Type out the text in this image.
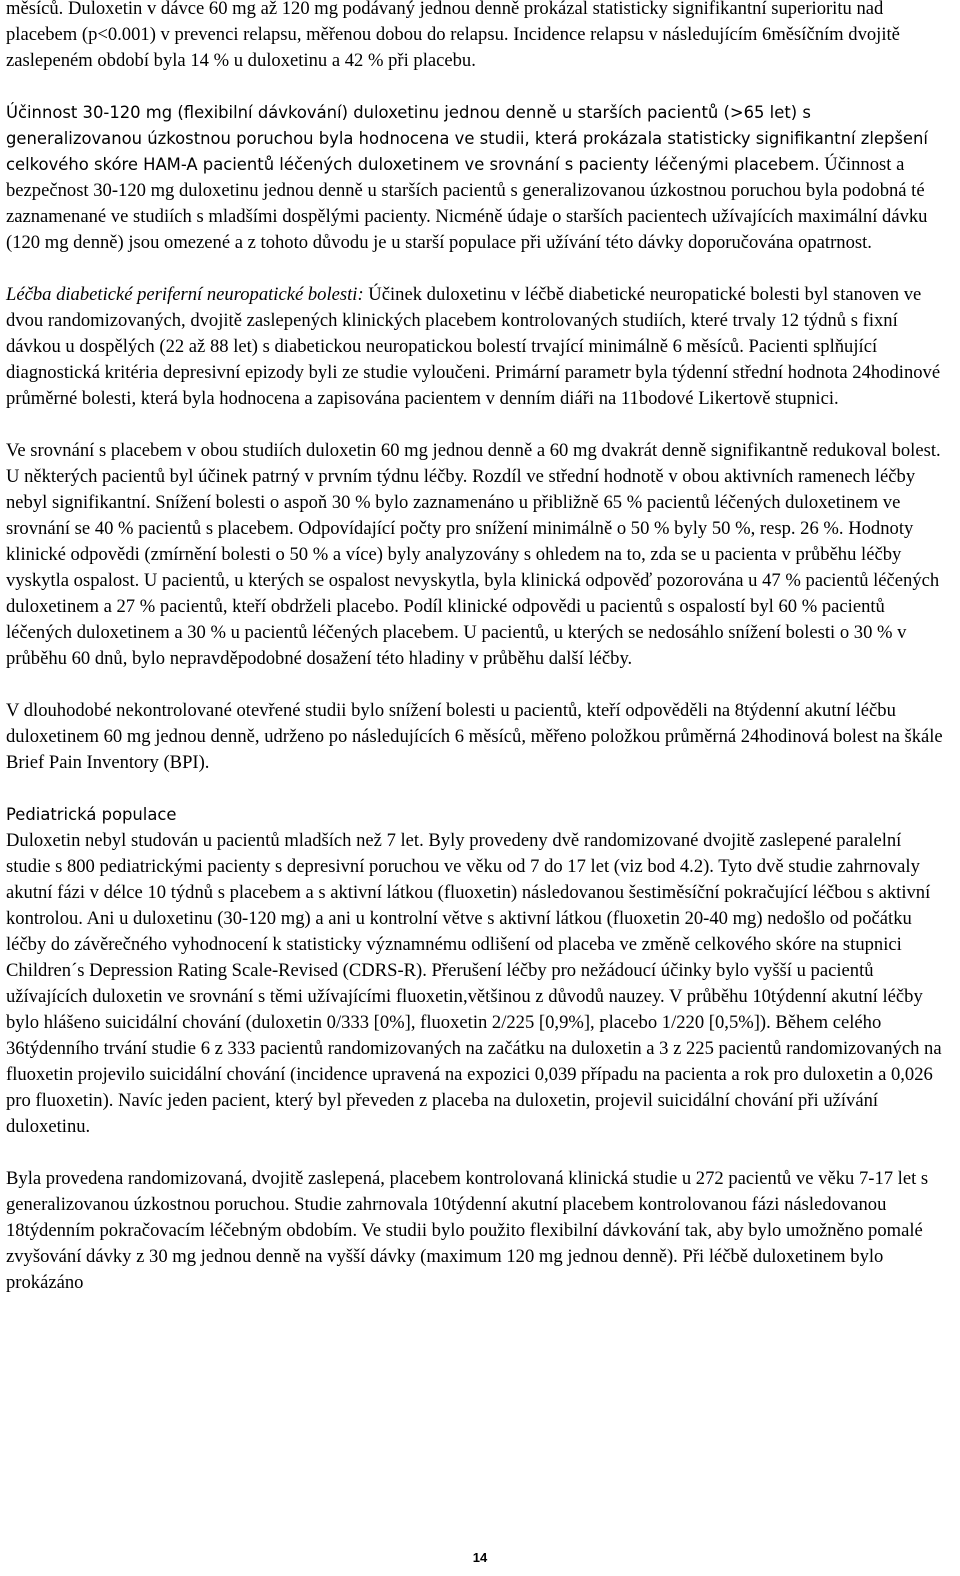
měsíců. Duloxetin v dávce 60 mg až 120 mg podávaný jednou denně prokázal statisticky signifikantní superioritu nad placebem (p<0.001) v prevenci relapsu, měřenou dobou do relapsu. Incidence relapsu v následujícím 6měsíčním dvojitě zaslepeném období byla 14 % u duloxetinu a 42 % při placebu.

Účinnost 30-120 mg (flexibilní dávkování) duloxetinu jednou denně u starších pacientů (>65 let) s generalizovanou úzkostnou poruchou byla hodnocena ve studii, která prokázala statisticky signifikantní zlepšení celkového skóre HAM-A pacientů léčených duloxetinem ve srovnání s pacienty léčenými placebem. Účinnost a bezpečnost 30-120 mg duloxetinu jednou denně u starších pacientů s generalizovanou úzkostnou poruchou byla podobná té zaznamenané ve studiích s mladšími dospělými pacienty. Nicméně údaje o starších pacientech užívajících maximální dávku (120 mg denně) jsou omezené a z tohoto důvodu je u starší populace při užívání této dávky doporučována opatrnost.

Léčba diabetické periferní neuropatické bolesti: Účinek duloxetinu v léčbě diabetické neuropatické bolesti byl stanoven ve dvou randomizovaných, dvojitě zaslepených klinických placebem kontrolovaných studiích, které trvaly 12 týdnů s fixní dávkou u dospělých (22 až 88 let) s diabetickou neuropatickou bolestí trvající minimálně 6 měsíců. Pacienti splňující diagnostická kritéria depresivní epizody byli ze studie vyloučeni. Primární parametr byla týdenní střední hodnota 24hodinové průměrné bolesti, která byla hodnocena a zapisována pacientem v denním diáři na 11bodové Likertově stupnici.

Ve srovnání s placebem v obou studiích duloxetin 60 mg jednou denně a 60 mg dvakrát denně signifikantně redukoval bolest. U některých pacientů byl účinek patrný v prvním týdnu léčby. Rozdíl ve střední hodnotě v obou aktivních ramenech léčby nebyl signifikantní. Snížení bolesti o aspoň 30 % bylo zaznamenáno u přibližně 65 % pacientů léčených duloxetinem ve srovnání se 40 % pacientů s placebem. Odpovídající počty pro snížení minimálně o 50 % byly 50 %, resp. 26 %. Hodnoty klinické odpovědi (zmírnění bolesti o 50 % a více) byly analyzovány s ohledem na to, zda se u pacienta v průběhu léčby vyskytla ospalost. U pacientů, u kterých se ospalost nevyskytla, byla klinická odpověď pozorována u 47 % pacientů léčených duloxetinem a 27 % pacientů, kteří obdrželi placebo. Podíl klinické odpovědi u pacientů s ospalostí byl 60 % pacientů léčených duloxetinem a 30 % u pacientů léčených placebem. U pacientů, u kterých se nedosáhlo snížení bolesti o 30 % v průběhu 60 dnů, bylo nepravděpodobné dosažení této hladiny v průběhu další léčby.

V dlouhodobé nekontrolované otevřené studii bylo snížení bolesti u pacientů, kteří odpověděli na 8týdenní akutní léčbu duloxetinem 60 mg jednou denně, udrženo po následujících 6 měsíců, měřeno položkou průměrná 24hodinová bolest na škále Brief Pain Inventory (BPI).

Pediatrická populace

Duloxetin nebyl studován u pacientů mladších než 7 let. Byly provedeny dvě randomizované dvojitě zaslepené paralelní studie s 800 pediatrickými pacienty s depresivní poruchou ve věku od 7 do 17 let (viz bod 4.2). Tyto dvě studie zahrnovaly akutní fázi v délce 10 týdnů s placebem a s aktivní látkou (fluoxetin) následovanou šestiměsíční pokračující léčbou s aktivní kontrolou. Ani u duloxetinu (30-120 mg) a ani u kontrolní větve s aktivní látkou (fluoxetin 20-40 mg) nedošlo od počátku léčby do závěrečného vyhodnocení k statisticky významnému odlišení od placeba ve změně celkového skóre na stupnici Children´s Depression Rating Scale-Revised (CDRS-R). Přerušení léčby pro nežádoucí účinky bylo vyšší u pacientů užívajících duloxetin ve srovnání s těmi užívajícími fluoxetin,většinou z důvodů nauzey. V průběhu 10týdenní akutní léčby bylo hlášeno suicidální chování (duloxetin 0/333 [0%], fluoxetin 2/225 [0,9%], placebo 1/220 [0,5%]). Během celého 36týdenního trvání studie 6 z 333 pacientů randomizovaných na začátku na duloxetin a 3 z 225 pacientů randomizovaných na fluoxetin projevilo suicidální chování (incidence upravená na expozici 0,039 případu na pacienta a rok pro duloxetin a 0,026 pro fluoxetin). Navíc jeden pacient, který byl převeden z placeba na duloxetin, projevil suicidální chování při užívání duloxetinu.

Byla provedena randomizovaná, dvojitě zaslepená, placebem kontrolovaná klinická studie u 272 pacientů ve věku 7-17 let s generalizovanou úzkostnou poruchou. Studie zahrnovala 10týdenní akutní placebem kontrolovanou fázi následovanou 18týdenním pokračovacím léčebným obdobím. Ve studii bylo použito flexibilní dávkování tak, aby bylo umožněno pomalé zvyšování dávky z 30 mg jednou denně na vyšší dávky (maximum 120 mg jednou denně). Při léčbě duloxetinem bylo prokázáno

14
